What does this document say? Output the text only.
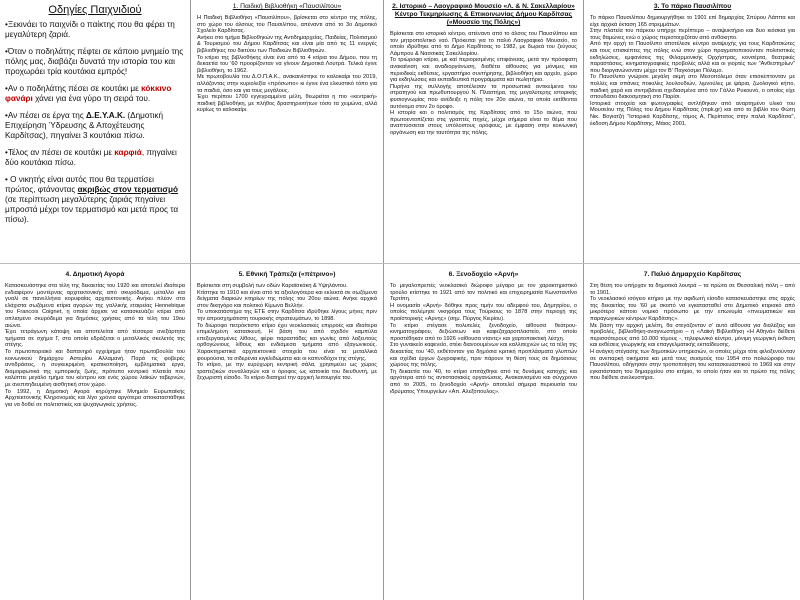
Οδηγίες Παιχνιδιού

•Ξεκινάει το παιχνίδι ο παίκτης που θα φέρει τη μεγαλύτερη ζαριά.

•Όταν ο ποδηλάτης πέφτει σε κάποιο μνημείο της πόλης μας, διαβάζει δυνατά την ιστορία του και προχωράει τρία κουτάκια εμπρός!

•Αν ο ποδηλάτης πέσει σε κουτάκι με κόκκινο φανάρι χάνει για ένα γύρο τη σειρά του.

•Αν πέσει σε έργα της Δ.Ε.Υ.Α.Κ. (Δημοτική Επιχείρηση Ύδρευσης & Αποχέτευσης Καρδίτσας), πηγαίνει 3 κουτάκια πίσω.

•Τέλος αν πέσει σε κουτάκι με καρφιά, πηγαίνει δύο κουτάκια πίσω.

• Ο νικητής είναι αυτός που θα τερματίσει πρώτος, φτάνοντας ακριβώς στον τερματισμό (σε περίπτωση μεγαλύτερης ζαριάς πηγαίνει μπροστά μέχρι τον τερματισμό και μετά προς τα πίσω).

1. Παιδική Βιβλιοθήκη «Παυσιλίπου»

Η Παιδική Βιβλιοθήκη «Παυσιλίπου», βρίσκεται στο κέντρο της πόλης, στο χώρο του άλσους του Παυσιλίπου, απέναντι από το 3ο Δημοτικό Σχολείο Καρδίτσας.
Ανήκει στο τμήμα Βιβλιοθηκών της Αντιδημαρχείας, Παιδείας, Πολιτισμού & Τουρισμού του Δήμου Καρδίτσας και είναι μία από τις 11 ενεργές βιβλιοθήκες του δικτύου των Παιδικών Βιβλιοθηκών.
Το κτίριο της βιβλιοθήκης είναι ένα από τα 4 κτίρια του Δήμου, που τη δεκαετία του '60 προορίζονταν να γίνουν Δημοτικά Λουτρά. Τελικά έγινε βιβλιοθήκη, το 1962.
Με πρωτοβουλία του Δ.Ο.Π.Α.Κ., ανακαινίστηκε το καλοκαίρι του 2019, αλλάζοντας στην κυριολεξία «πρόσωπο» κι έγινε ένα ελκυστικό τόπο για τα παιδιά, όσο και για τους μεγάλους.
Έχει περίπου 1700 εγγεγραμμένα μέλη, θεωρείται η πιο «κεντρική» παιδική βιβλιοθήκη, με πλήθος δραστηριοτήτων τόσο τα χειμώνα, αλλά κυρίως το καλοκαίρι.

2. Ιστορικό – Λαογραφικό Μουσείο «Λ. & Ν. Σακελλαρίου» Κέντρο Τεκμηρίωσης & Επικοινωνίας Δήμου Καρδίτσας («Μουσείο της Πόλης»)

Βρίσκεται στο ιστορικό κέντρο, απέναντι από το άλσος του Παυσιλίπου και τον μητροπολιτικό ναό. Πρόκειται για το παλιό Λαογραφικό Μουσείο, το οποίο ιδρύθηκε από το Δήμο Καρδίτσας το 1982, με δωρεά του ζεύγους Λάμπρου & Νασσικάς Σακελλαρίου.
Το τριώροφο κτίριο, με καί περιορισμένης επιφάνειας, μετά την πρόσφατη ανακαίνιση και αναδιοργάνωση, διαθέτει αίθουσες για μόνιμες και περιοδικές εκθέσεις, εργαστήριο συντήρησης, βιβλιοθήκη και αρχείο, χώρο για εκδηλώσεις και εκπαιδευτικά προγράμματα και πωλητήριο.
Πυρήνα της συλλογής αποτέλεσαν τα προσωπικά αντικείμενα του στρατηγού και πρωθυπουργού Ν. Πλαστήρα, της μεγαλύτερης ιστορικής φυσιογνωμίας που ανέδειξε η πόλη τον 20ο αιώνα, τα οποία εκτίθενται αυτόνομα στον 2ο όροφο.
Η ιστορία και ο πολιτισμός της Καρδίτσας από το 15ο αιώνα, που πρωτοεντοπίζεται στις γραπτές πηγές, μέχρι σήμερα είναι το θέμα που αναπτύσσεται στους υπόλοιπους ορόφους, με έμφαση στην κοινωνική οργάνωση και την ταυτότητα της πόλης.

3. Το πάρκο Παυσιλίπου

Το πάρκο Παυσιλίπου δημιουργήθηκε το 1901 επί δημαρχίας Σπύρου Λάππα και είχε αρχικά έκταση 165 στρεμμάτων.
Στην πλατεία του πάρκου υπήρχε περίπτερο – αναψυκτήριο και δυο κιόσκια για τους θαμώνες ενώ ο χώρος περιστοιχιζόταν από ανθόκηπο.
Από την αρχή το Παυσίλιπο αποτέλεσε κέντρο αναψυχής για τους Καρδιτσιώτες και τους επισκέπτες της πόλης ενώ στον χώρο πραγματοποιούνταν πολιτιστικές εκδηλώσεις, εμφανίσεις της Φιλαρμονικής Ορχήστρας, κονσέρτα, θεατρικές παραστάσεις, κινηματογραφικές προβολές αλλά και οι γιορτές των "Ανθεστηρίων" που διοργανώνονταν μέχρι τον Β' Παγκόσμιο Πόλεμο.
Το Παυσίλιπο γνώρισε μεγάλη ακμή στο Μεσοπόλεμο όταν επισκέπτονταν με πολλές και σπάνιες ποικιλίες λουλουδιών, λιμνούλες με ψάρια, ζωολογικό κήπο, παιδική χαρά και σιντριβάνια σχεδιασμένα από τον Γάλλο Ρυκουνό, ο οποίος είχε σπουδάσει διακοσμητική στο Παρίσι.
Ιστορικά στοιχεία και φωτογραφίες αντλήθηκαν από αναρτημένο υλικό του Μουσείου της Πόλης του Δήμου Καρδίτσας (mpk.gr) και από το βιβλίο του Φώτη Νικ. Βογιατζή "Ιστορικά Καρδίτσης, τόμος Α, Περίπατος στην παλιά Καρδίτσα", έκδοση Δήμου Καρδίτσης, Μάιος 2001.

4. Δημοτική Αγορά

Κατασκευάστηκε στα τέλη της δεκαετίας του 1920 και αποτελεί ιδιαίτερα ενδιαφέρον μοντέρνας αρχιτεκτονικής από σκυρόδεμα, μέταλλο και γυαλί σε πανελλήνια κορυφαίας αρχιτεκτονικής. Ανήκει πλέον στα ελάχιστα σωζόμενα κτίρια αγορών της γαλλικής εταιρείας Hennebique του Francois Coignet, η οποία άρχισε να κατασκευάζει κτίρια από οπλισμένο σκυρόδεμα για δημόσιες χρήσεις από τα τέλη του 19ου αιώνα.
Έχει τετράγωνη κάτοψη και αποτελείται από τέσσερα ανεξάρτητα τμήματα σε σχήμα Γ, στα οποία εδράζεται ο μεταλλικός σκελετός της στέγης.
Το πρωτοποριακό και δαπανηρό εγχείρημα ήταν πρωτοβουλία του κοινωνικού δημάρχου Αστερίου Αλλαμανή. Παρά τις φοβερές αντιδράσεις, η συγκεκριμένη κρατικοποίηση, εμβληματικά έργα, διαμορφωτικά της εμπορικής ζωής, πρότυπο κεντρικό πλατεία που καλύπτει μεγάλο τμήμα του κέντρου και ενός χώρου λαϊκών ταβερνών, με ανεπιτηδευμένη αισθητική στον χώρο.
Το 1992, η Δημοτική Αγορά κηρύχτηκε Μνημείο Ευρωπαϊκής Αρχιτεκτονικής Κληρονομιάς και λίγο χρόνια αργότερα αποκαταστάθηκε για να δοθεί σε πολιτιστικές και ψυχαγωγικές χρήσεις.

5. Εθνική Τράπεζα («πέτρινο»)

Βρίσκεται στη συμβολή των οδών Καραϊσκάκη & Υψηλάντου.
Κτίστηκε το 1910 και είναι από τα αξιολογότερα και εκλεκτά σε σωζόμενα δείγματα διαρκών κτηρίων της πόλης του 20ου αιώνα. Ανήκε αρχικά στον δικηγόρο και πολιτικό Κίμωνα Βελλήν.
Το υποκατάστημα της ΕΤΕ στην Καρδίτσα ιδρύθηκε λίγους μήνες πριν την απροσχημάτιστη τουρκικής στρατευμάτων, το 1898.
Το διώροφο πετρόκτιστο κτίριο έχει νεοκλασικές επιρροές και ιδιαίτερα επιμελημένη κατασκευή. Η βάση του από σχεδόν καμπύλα επεξεργασμένες λίθους, φέρει παραστάδες και γωνίες από λαξευτούς ορθογώνιους λίθους και ενδιάμεσα τμήματα από εξαγωνικούς. Χαρακτηριστικά αρχιτεκτονικά στοιχεία του είναι τα μεταλλικά φουρούσια, τα σιδερένια κιγκλιδώματα και οι καπνοδόχοι της στέγης.
Το κτίριο, με την ευρύχωρη κεντρική σάλα, χρησιμεύει ως χώρος τραπεζικών συναλλαγών και ο όροφος ως κατοικία του διευθυντή, με ξεχωριστή είσοδο. Το κτίριο διατηρεί την αρχική λειτουργία του.

6. Ξενοδοχείο «Αρνή»

Το μεγαλοπρεπές νεοκλασικό διώροφο μέγαρο με τον χαρακτηριστικό τρούλο κτίστηκε το 1921 από τον πολιτικό και επιχειρηματία Κωνσταντίνο Τερτίπη.
Η ονομασία «Αρνή» δόθηκε προς τιμήν του αδερφού του, Δημητρίου, ο οποίος πολέμησε νικηφόρα τους Τούρκους το 1878 στην περιοχή της προϊστορικής «Αρνης» (σημ. Πύργος Κιερίου).
Το κτίριο στέγασε πολυτελές ξενοδοχείο, αίθουσα θεάτρου-κινηματογράφου, δεξιώσεων και καφεζαχαροπλαστείο, στο οποίο προστέθηκαν από το 1926 «αίθουσα νταντς» και χαρτοπαικτική λέσχη.
Στο γυναικείο καφενείο, στέκι διανοουμένων και καλλιτεχνών ως τα τέλη της δεκαετίας του '40, εκθέτονταν για δημόσια κριτική προπλάσματα γλυπτών και σχέδια έργων ζωγραφικής, πριν πάρουν τη θέση τους σε δημόσιους χώρους της πόλης.
Τη δεκαετία του '40, το κτίριο επιτάχθηκε από τις δυνάμεις κατοχής και αργότερα από τις αντιστασιακές οργανώσεις. Ανακαινισμένο και σύγχρονο από το 2005, το ξενοδοχείο «Αρνή» αποτελεί σήμερα περιουσία του ιδρύματος Υπουργείων «Απ. Αλεξόπουλος».

7. Παλιό Δημαρχείο Καρδίτσας

Στη θέση του υπήρχαν τα δημοτικά λουτρά – τα πρώτα σε Θεσσαλική πόλη – από το 1901.
Το νεοκλασικό ισόγειο κτήριο με την αφιδωτή είσοδο κατασκευάστηκε στις αρχές της δεκαετίας του '60 με σκοπό να εγκατασταθεί στο Δημοτικό κτιριακό από μικρότερο κάποιο νομικό πρόσωπο με την επωνυμία «πνευματικών και παραγωγικών κέντρων Καρδίτσης».
Με βάση την αρχική μελέτη, θα στεγάζονταν σ' αυτό αίθουσα για διαλέξεις και προβολές, βιβλιοθήκη-αναγνωστήριο – η «Λαϊκή Βιβλιοθήκη «Η Αθηνά» διέθετε περισσότερους από 10.000 τόμους -, τηλεφωνικό κέντρο, μόνιμη γεωργική έκθεση και εκθέσεις γεωργικής και επαγγελματικής εκπαίδευσης.
Η ανάγκη στέγασης των δημοτικών υπηρεσιών, οι οποίες μέχρι τότε φιλοξενούνταν σε ανεπαρκή οικήματα και μετά τους σεισμούς του 1954 στο πολυώροφο του Παυσιλίπου, οδήγησαν στην τροποποίηση του κατασκευαστικού το 1969 και στην εγκατάσταση του δημαρχείου στο κτήριο, το οποίο ήταν και το πρώτο της πόλης που διέθετε ανελκυστήρα.
